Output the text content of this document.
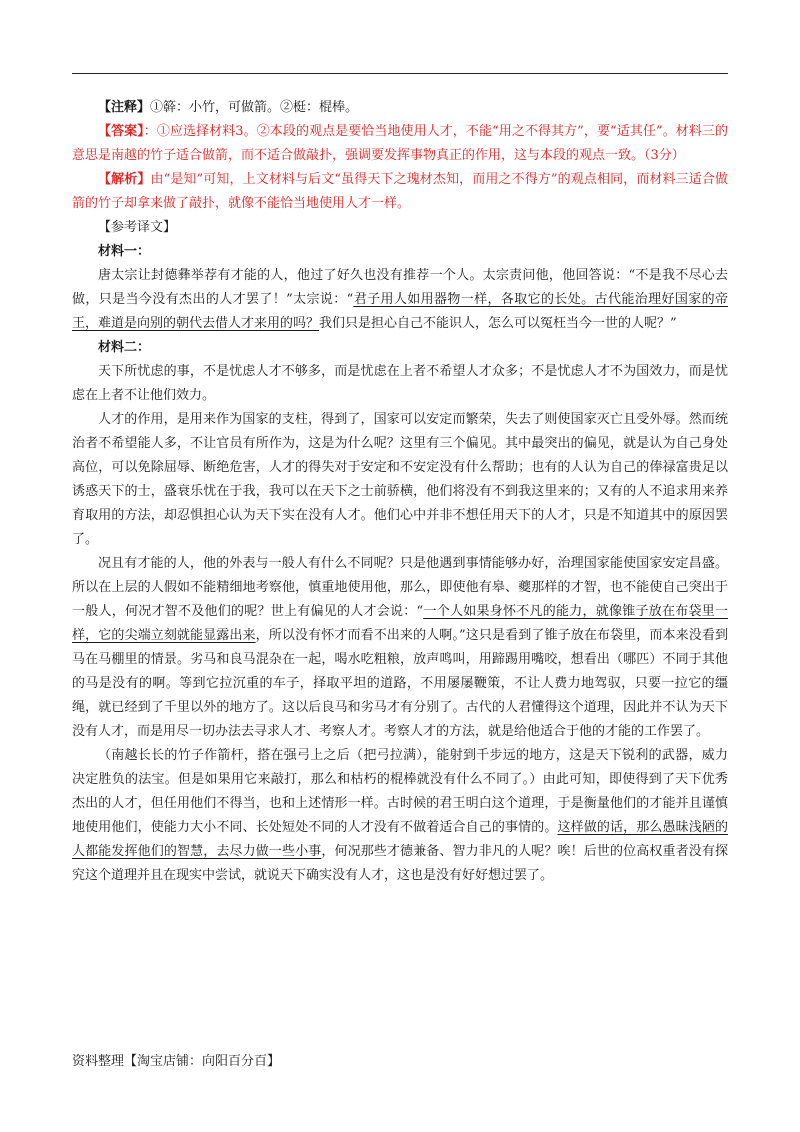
【注释】①簳：小竹，可做箭。②梃：棍棒。

【答案】：①应选择材料3。②本段的观点是要恰当地使用人才，不能“用之不得其方”，要“适其任”。材料三的意思是南越的竹子适合做箭，而不适合做敲扑，强调要发挥事物真正的作用，这与本段的观点一致。（3分）

【解析】由“是知”可知，上文材料与后文“虽得天下之瑰材杰知，而用之不得方”的观点相同，而材料三适合做箭的竹子却拿来做了敲扑，就像不能恰当地使用人才一样。

【参考译文】

材料一：

唐太宗让封德彝举荐有才能的人，他过了好久也没有推荐一个人。太宗责问他，他回答说：“不是我不尽心去做，只是当今没有杰出的人才罢了！”太宗说：“君子用人如用器物一样，各取它的长处。古代能治理好国家的帝王，难道是向别的朝代去借人才来用的吗？我们只是担心自己不能识人，怎么可以冤枉当今一世的人呢？”

材料二：

天下所忧虑的事，不是忧虑人才不够多，而是忧虑在上者不希望人才众多；不是忧虑人才不为国效力，而是忧虑在上者不让他们效力。

人才的作用，是用来作为国家的支柱，得到了，国家可以安定而繁荣，失去了则使国家灭亡且受外辱。然而统治者不希望能人多，不让官员有所作为，这是为什么呢？这里有三个偏见。其中最突出的偏见，就是认为自己身处高位，可以免除屈辱、断绝危害，人才的得失对于安定和不安定没有什么帮助；也有的人认为自己的俸禄富贵足以诱惑天下的士，盛衰乐忧在于我，我可以在天下之士前骄横，他们将没有不到我这里来的；又有的人不追求用来养育取用的方法，却忍惧担心认为天下实在没有人才。他们心中并非不想任用天下的人才，只是不知道其中的原因罢了。

况且有才能的人，他的外表与一般人有什么不同呢？只是他遇到事情能够办好，治理国家能使国家安定昌盛。所以在上层的人假如不能精细地考察他，慎重地使用他，那么，即使他有皋、夔那样的才智，也不能使自己突出于一般人，何况才智不及他们的呢？世上有偏见的人才会说：“一个人如果身怀不凡的能力，就像锥子放在布袋里一样，它的尖端立刻就能显露出来，所以没有怀才而看不出来的人啊。”这只是看到了锥子放在布袋里，而本来没看到马在马棚里的情景。劣马和良马混杂在一起，喝水吃粗粮，放声鸣叫，用蹄踢用嘴咬，想看出（哪匹）不同于其他的马是没有的啊。等到它拉沉重的车子，择取平坦的道路，不用屡屡鞭策，不让人费力地驾驭，只要一拉它的缰绳，就已经到了千里以外的地方了。这以后良马和劣马才有分别了。古代的人君懂得这个道理，因此并不认为天下没有人才，而是用尽一切办法去寻求人才、考察人才。考察人才的方法，就是给他适合于他的才能的工作罢了。

（南越长长的竹子作箭杆，搭在强弓上之后（把弓拉满），能射到千步远的地方，这是天下锐利的武器，威力决定胜负的法宝。但是如果用它来敲打，那么和枯朽的棍棒就没有什么不同了。）由此可知，即使得到了天下优秀杰出的人才，但任用他们不得当，也和上述情形一样。古时候的君王明白这个道理，于是衡量他们的才能并且谨慎地使用他们，使能力大小不同、长处短处不同的人才没有不做着适合自己的事情的。这样做的话，那么愚昧浅陋的人都能发挥他们的智慧，去尽力做一些小事，何况那些才德兼备、智力非凡的人呢？唉！后世的位高权重者没有探究这个道理并且在现实中尝试，就说天下确实没有人才，这也是没有好好想过罢了。

资料整理【淘宝店铺：向阳百分百】
